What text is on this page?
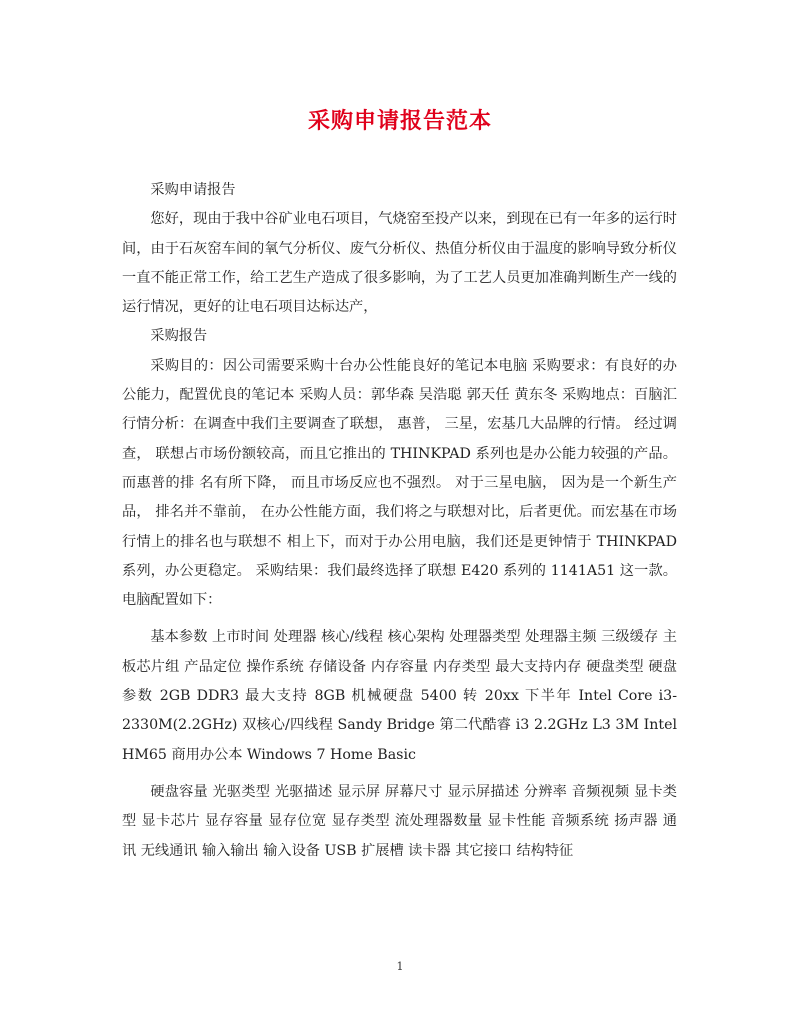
采购申请报告范本

采购申请报告

您好，现由于我中谷矿业电石项目，气烧窑至投产以来，到现在已有一年多的运行时间，由于石灰窑车间的氧气分析仪、废气分析仪、热值分析仪由于温度的影响导致分析仪一直不能正常工作，给工艺生产造成了很多影响，为了工艺人员更加准确判断生产一线的运行情况，更好的让电石项目达标达产，

采购报告

采购目的：因公司需要采购十台办公性能良好的笔记本电脑 采购要求：有良好的办公能力，配置优良的笔记本 采购人员：郭华森 吴浩聪 郭天任 黄东冬 采购地点：百脑汇 行情分析：在调查中我们主要调查了联想， 惠普， 三星，宏基几大品牌的行情。 经过调查， 联想占市场份额较高，而且它推出的 THINKPAD 系列也是办公能力较强的产品。而惠普的排 名有所下降， 而且市场反应也不强烈。 对于三星电脑， 因为是一个新生产品， 排名并不靠前， 在办公性能方面，我们将之与联想对比，后者更优。而宏基在市场行情上的排名也与联想不 相上下，而对于办公用电脑，我们还是更钟情于 THINKPAD 系列，办公更稳定。 采购结果：我们最终选择了联想 E420 系列的 1141A51 这一款。 电脑配置如下：

基本参数 上市时间 处理器 核心/线程 核心架构 处理器类型 处理器主频 三级缓存 主板芯片组 产品定位 操作系统 存储设备 内存容量 内存类型 最大支持内存 硬盘类型 硬盘参数 2GB DDR3 最大支持 8GB 机械硬盘 5400 转 20xx 下半年 Intel Core i3-2330M(2.2GHz) 双核心/四线程 Sandy Bridge 第二代酷睿 i3 2.2GHz L3 3M Intel HM65 商用办公本 Windows 7 Home Basic

硬盘容量 光驱类型 光驱描述 显示屏 屏幕尺寸 显示屏描述 分辨率 音频视频 显卡类型 显卡芯片 显存容量 显存位宽 显存类型 流处理器数量 显卡性能 音频系统 扬声器 通 讯 无线通讯 输入输出 输入设备 USB 扩展槽 读卡器 其它接口 结构特征

1
